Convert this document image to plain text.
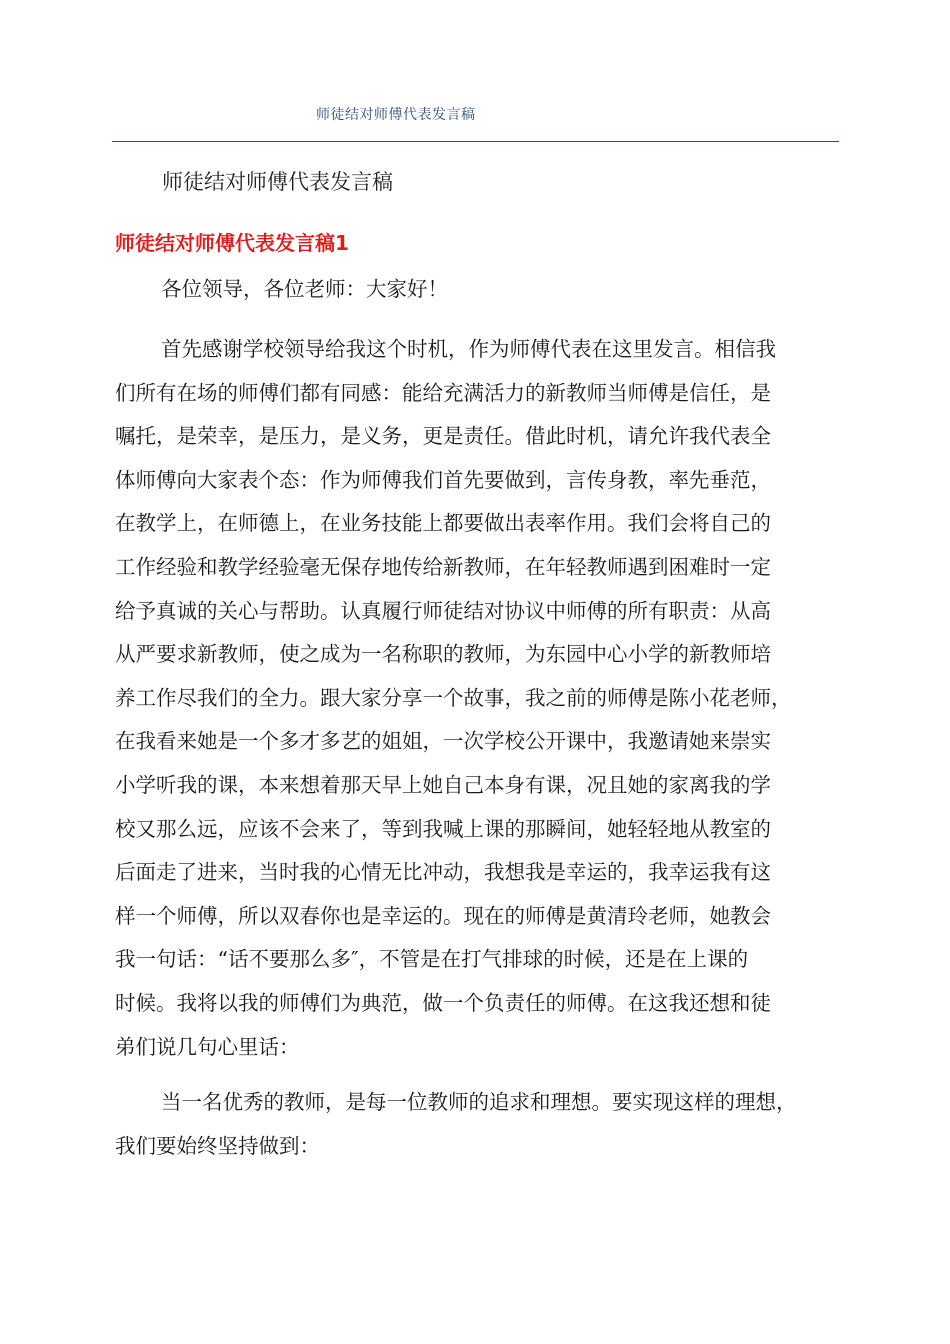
师徒结对师傅代表发言稿
师徒结对师傅代表发言稿
师徒结对师傅代表发言稿1

各位领导，各位老师：大家好！

首先感谢学校领导给我这个时机，作为师傅代表在这里发言。相信我
们所有在场的师傅们都有同感：能给充满活力的新教师当师傅是信任，是
嘱托，是荣幸，是压力，是义务，更是责任。借此时机，请允许我代表全
体师傅向大家表个态：作为师傅我们首先要做到，言传身教，率先垂范，
在教学上，在师德上，在业务技能上都要做出表率作用。我们会将自己的
工作经验和教学经验毫无保存地传给新教师，在年轻教师遇到困难时一定
给予真诚的关心与帮助。认真履行师徒结对协议中师傅的所有职责：从高
从严要求新教师，使之成为一名称职的教师，为东园中心小学的新教师培
养工作尽我们的全力。跟大家分享一个故事，我之前的师傅是陈小花老师，
在我看来她是一个多才多艺的姐姐，一次学校公开课中，我邀请她来崇实
小学听我的课，本来想着那天早上她自己本身有课，况且她的家离我的学
校又那么远，应该不会来了，等到我喊上课的那瞬间，她轻轻地从教室的
后面走了进来，当时我的心情无比冲动，我想我是幸运的，我幸运我有这
样一个师傅，所以双春你也是幸运的。现在的师傅是黄清玲老师，她教会
我一句话：“话不要那么多″，不管是在打气排球的时候，还是在上课的
时候。我将以我的师傅们为典范，做一个负责任的师傅。在这我还想和徒
弟们说几句心里话：

当一名优秀的教师，是每一位教师的追求和理想。要实现这样的理想，
我们要始终坚持做到：
